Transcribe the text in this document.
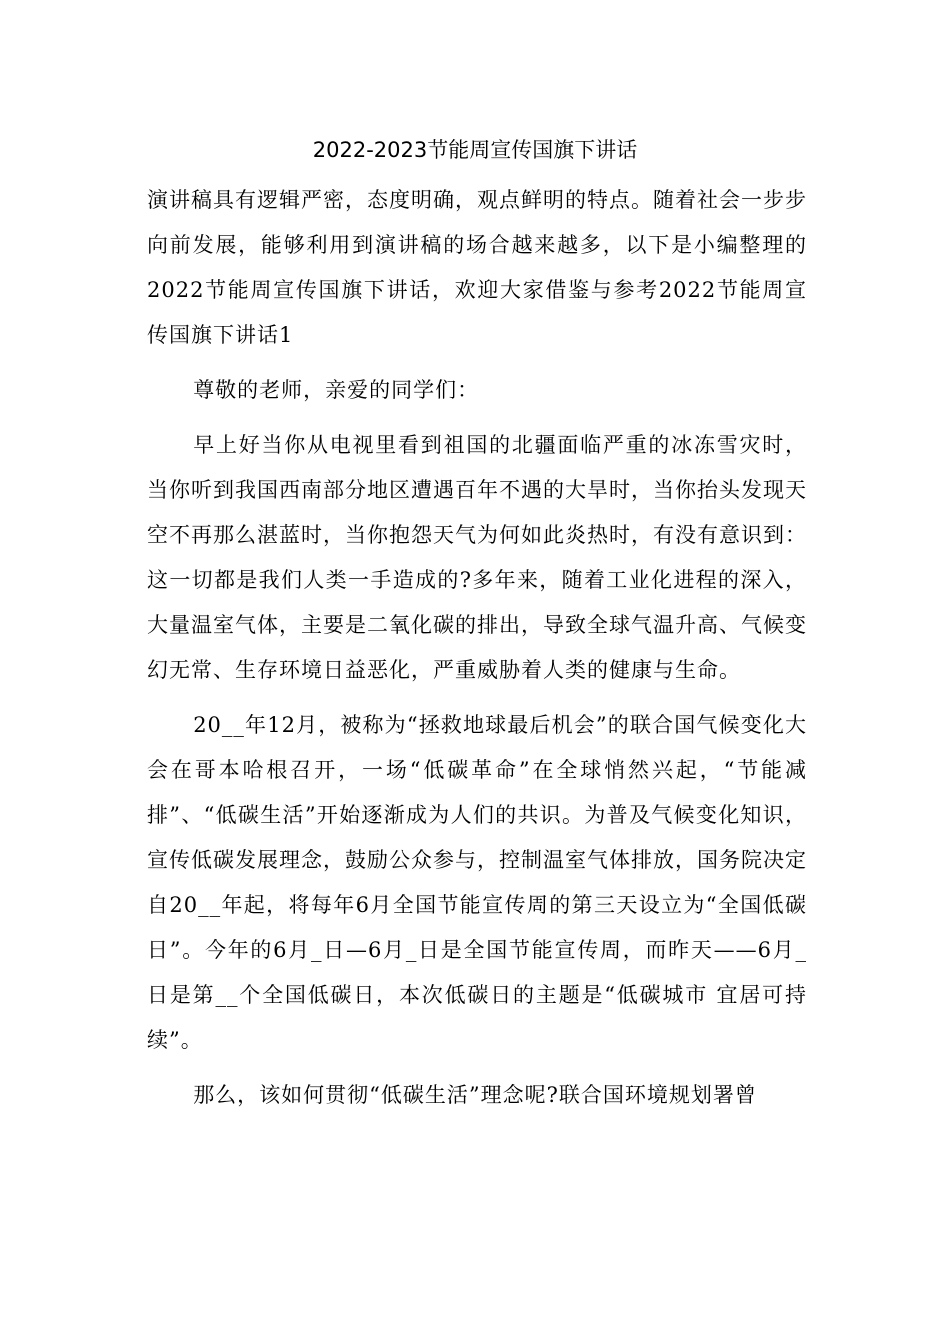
2022-2023节能周宣传国旗下讲话

演讲稿具有逻辑严密，态度明确，观点鲜明的特点。随着社会一步步向前发展，能够利用到演讲稿的场合越来越多，以下是小编整理的2022节能周宣传国旗下讲话，欢迎大家借鉴与参考2022节能周宣传国旗下讲话1

尊敬的老师，亲爱的同学们：

早上好当你从电视里看到祖国的北疆面临严重的冰冻雪灾时，当你听到我国西南部分地区遭遇百年不遇的大旱时，当你抬头发现天空不再那么湛蓝时，当你抱怨天气为何如此炎热时，有没有意识到：这一切都是我们人类一手造成的?多年来，随着工业化进程的深入，大量温室气体，主要是二氧化碳的排出，导致全球气温升高、气候变幻无常、生存环境日益恶化，严重威胁着人类的健康与生命。

20__年12月，被称为“拯救地球最后机会”的联合国气候变化大会在哥本哈根召开，一场“低碳革命”在全球悄然兴起，“节能减排”、“低碳生活”开始逐渐成为人们的共识。为普及气候变化知识，宣传低碳发展理念，鼓励公众参与，控制温室气体排放，国务院决定自20__年起，将每年6月全国节能宣传周的第三天设立为“全国低碳日”。今年的6月_日—6月_日是全国节能宣传周，而昨天——6月_日是第__个全国低碳日，本次低碳日的主题是“低碳城市 宜居可持续”。

那么，该如何贯彻“低碳生活”理念呢?联合国环境规划署曾
